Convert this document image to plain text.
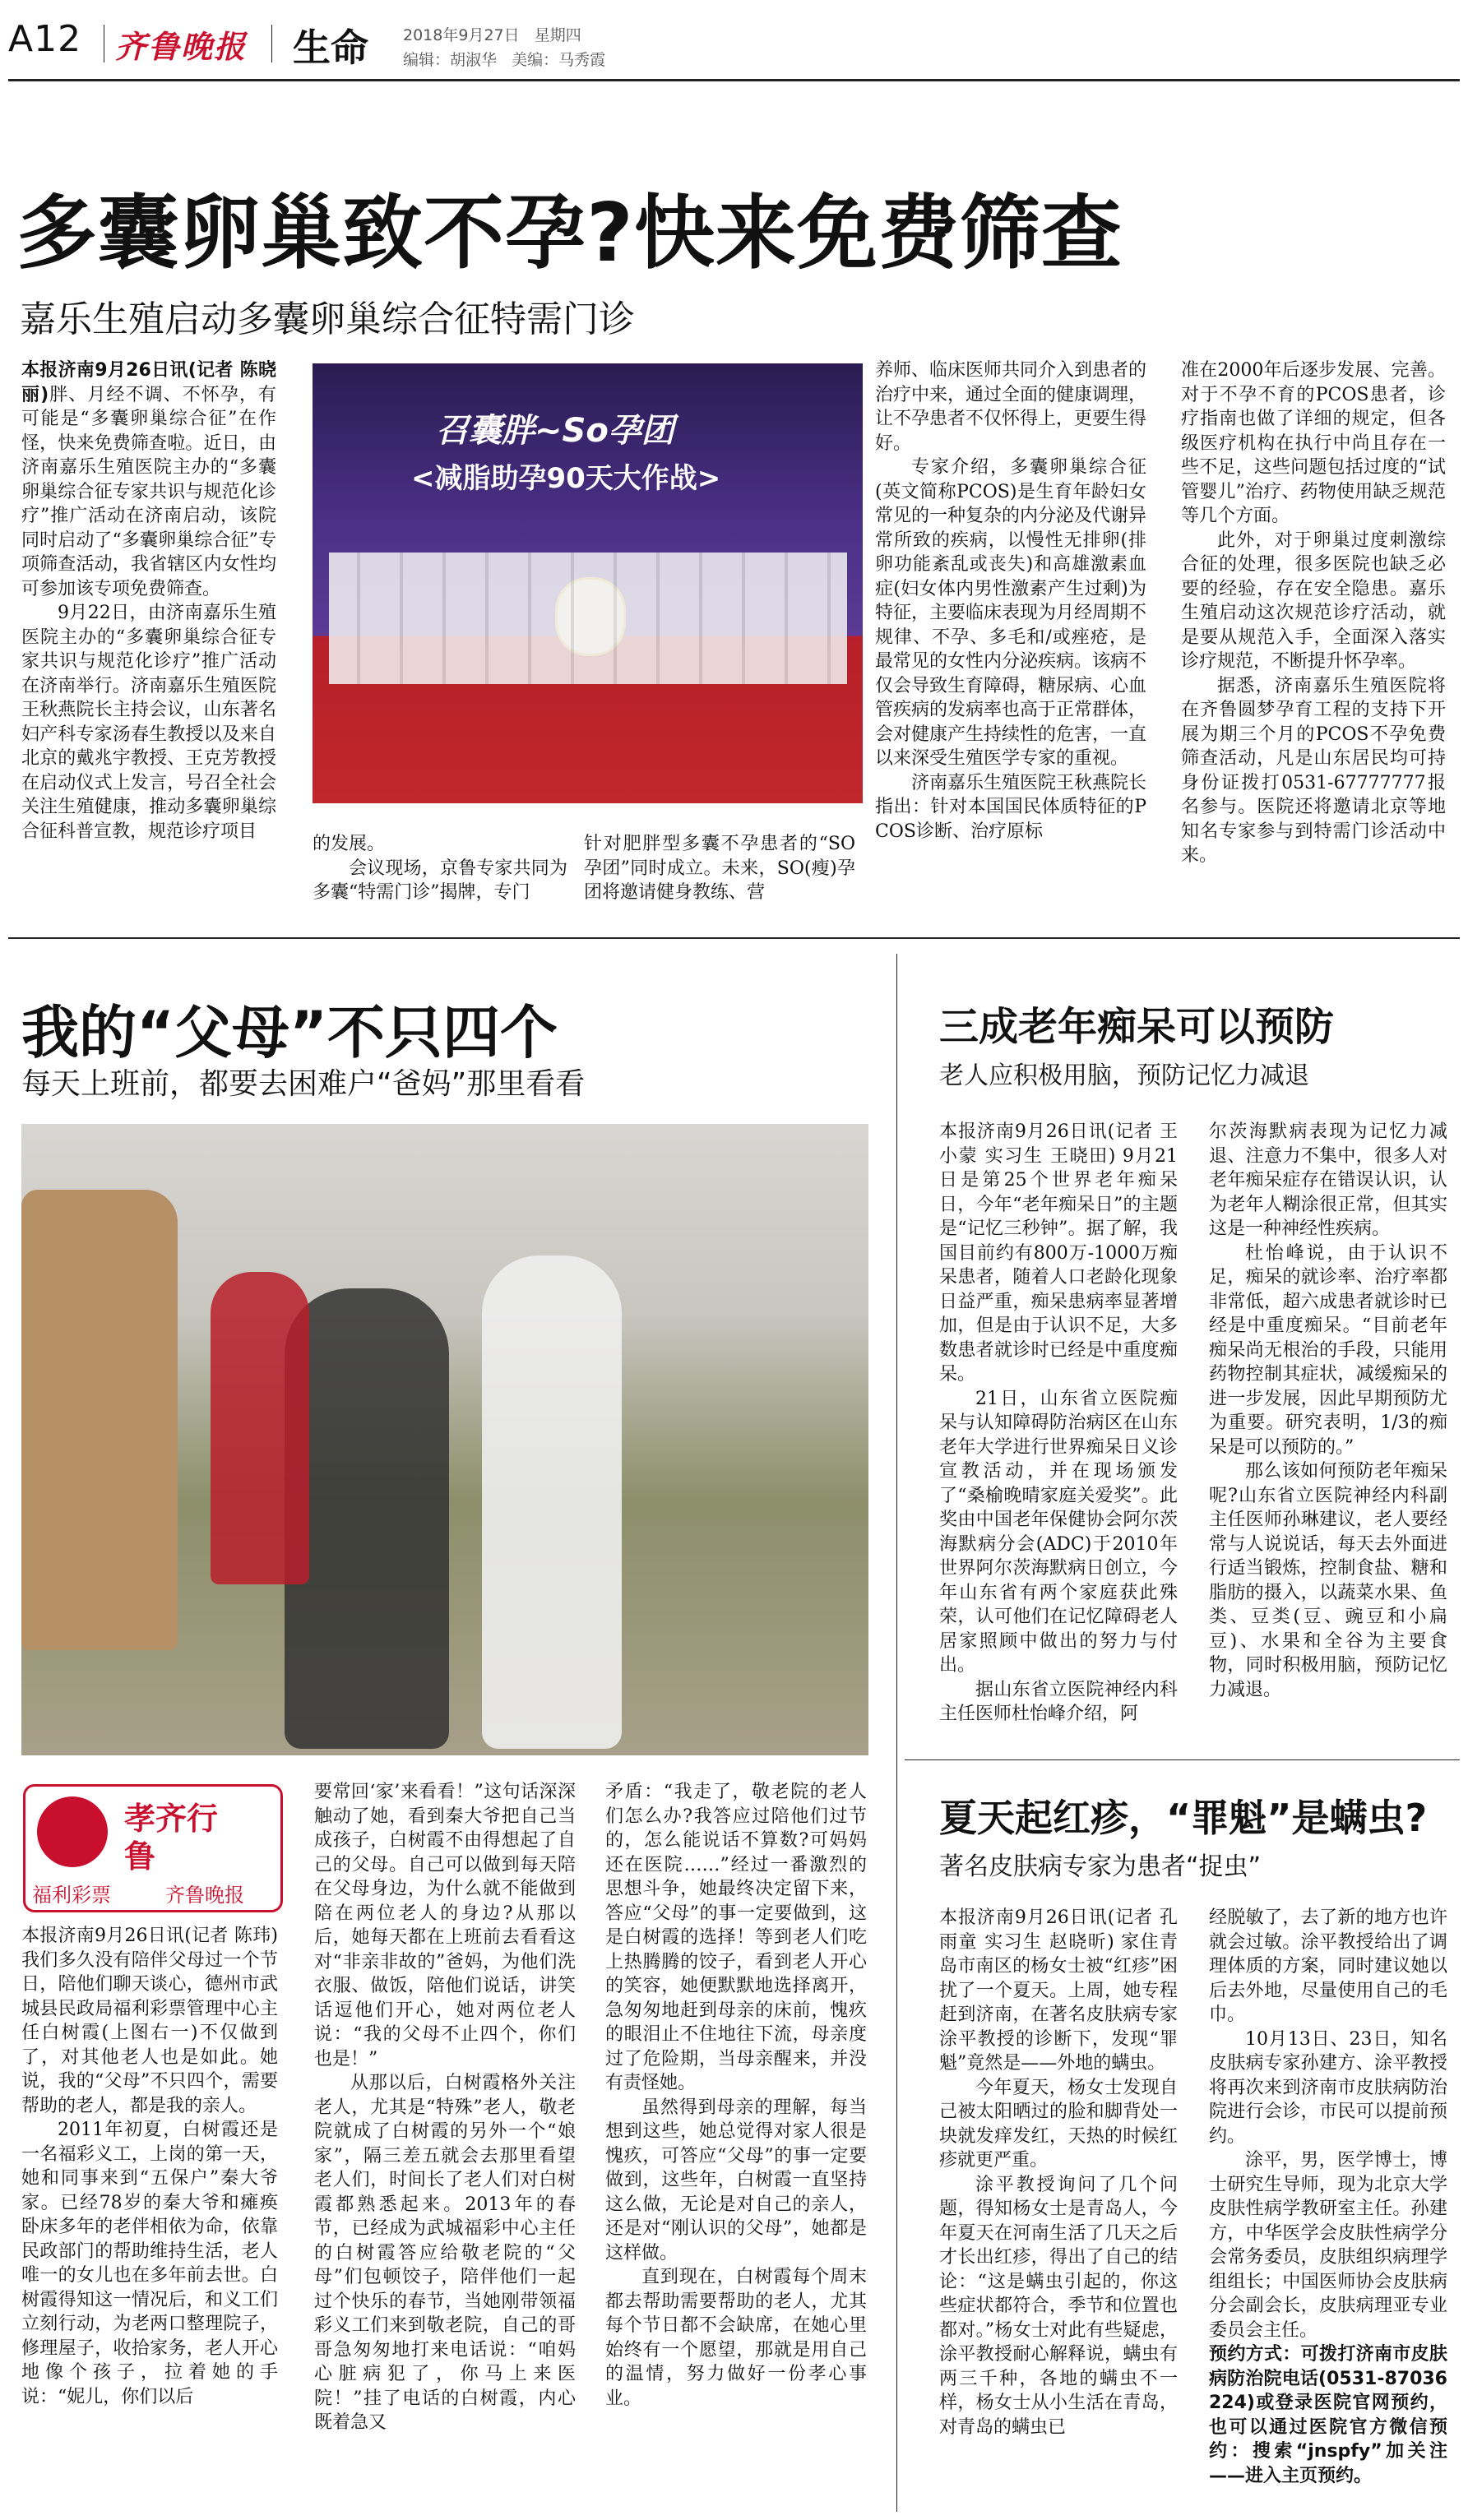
A12 齐鲁晚报 生命 2018年9月27日 星期四
编辑：胡淑华 美编：马秀霞
多囊卵巢致不孕?快来免费筛查
嘉乐生殖启动多囊卵巢综合征特需门诊

本报济南9月26日讯(记者 陈晓丽)胖、月经不调、不怀孕，有可能是“多囊卵巢综合征”在作怪，快来免费筛查啦。近日，由济南嘉乐生殖医院主办的“多囊卵巢综合征专家共识与规范化诊疗”推广活动在济南启动，该院同时启动了“多囊卵巢综合征”专项筛查活动，我省辖区内女性均可参加该专项免费筛查。

9月22日，由济南嘉乐生殖医院主办的“多囊卵巢综合征专家共识与规范化诊疗”推广活动在济南举行。济南嘉乐生殖医院王秋燕院长主持会议，山东著名妇产科专家汤春生教授以及来自北京的戴兆宇教授、王克芳教授在启动仪式上发言，号召全社会关注生殖健康，推动多囊卵巢综合征科普宣教，规范诊疗项目

召囊胖~So孕团
<减脂助孕90天大作战>

的发展。

会议现场，京鲁专家共同为多囊“特需门诊”揭牌，专门

针对肥胖型多囊不孕患者的“SO孕团”同时成立。未来，SO(瘦)孕团将邀请健身教练、营

养师、临床医师共同介入到患者的治疗中来，通过全面的健康调理，让不孕患者不仅怀得上，更要生得好。

专家介绍，多囊卵巢综合征(英文简称PCOS)是生育年龄妇女常见的一种复杂的内分泌及代谢异常所致的疾病，以慢性无排卵(排卵功能紊乱或丧失)和高雄激素血症(妇女体内男性激素产生过剩)为特征，主要临床表现为月经周期不规律、不孕、多毛和/或痤疮，是最常见的女性内分泌疾病。该病不仅会导致生育障碍，糖尿病、心血管疾病的发病率也高于正常群体，会对健康产生持续性的危害，一直以来深受生殖医学专家的重视。

济南嘉乐生殖医院王秋燕院长指出：针对本国国民体质特征的PCOS诊断、治疗原标

准在2000年后逐步发展、完善。对于不孕不育的PCOS患者，诊疗指南也做了详细的规定，但各级医疗机构在执行中尚且存在一些不足，这些问题包括过度的“试管婴儿”治疗、药物使用缺乏规范等几个方面。

此外，对于卵巢过度刺激综合征的处理，很多医院也缺乏必要的经验，存在安全隐患。嘉乐生殖启动这次规范诊疗活动，就是要从规范入手，全面深入落实诊疗规范，不断提升怀孕率。

据悉，济南嘉乐生殖医院将在齐鲁圆梦孕育工程的支持下开展为期三个月的PCOS不孕免费筛查活动，凡是山东居民均可持身份证拨打0531-67777777报名参与。医院还将邀请北京等地知名专家参与到特需门诊活动中来。

我的“父母”不只四个
每天上班前，都要去困难户“爸妈”那里看看
孝齐行鲁
福利彩票	齐鲁晚报

本报济南9月26日讯(记者 陈玮) 我们多久没有陪伴父母过一个节日，陪他们聊天谈心，德州市武城县民政局福利彩票管理中心主任白树霞(上图右一)不仅做到了，对其他老人也是如此。她说，我的“父母”不只四个，需要帮助的老人，都是我的亲人。

2011年初夏，白树霞还是一名福彩义工，上岗的第一天，她和同事来到“五保户”秦大爷家。已经78岁的秦大爷和瘫痪卧床多年的老伴相依为命，依靠民政部门的帮助维持生活，老人唯一的女儿也在多年前去世。白树霞得知这一情况后，和义工们立刻行动，为老两口整理院子，修理屋子，收拾家务，老人开心地像个孩子，拉着她的手说：“妮儿，你们以后

要常回‘家’来看看！”这句话深深触动了她，看到秦大爷把自己当成孩子，白树霞不由得想起了自己的父母。自己可以做到每天陪在父母身边，为什么就不能做到陪在两位老人的身边?从那以后，她每天都在上班前去看看这对“非亲非故的”爸妈，为他们洗衣服、做饭，陪他们说话，讲笑话逗他们开心，她对两位老人说：“我的父母不止四个，你们也是！”

从那以后，白树霞格外关注老人，尤其是“特殊”老人，敬老院就成了白树霞的另外一个“娘家”，隔三差五就会去那里看望老人们，时间长了老人们对白树霞都熟悉起来。2013年的春节，已经成为武城福彩中心主任的白树霞答应给敬老院的“父母”们包顿饺子，陪伴他们一起过个快乐的春节，当她刚带领福彩义工们来到敬老院，自己的哥哥急匆匆地打来电话说：“咱妈心脏病犯了，你马上来医院！”挂了电话的白树霞，内心既着急又

矛盾：“我走了，敬老院的老人们怎么办?我答应过陪他们过节的，怎么能说话不算数?可妈妈还在医院……”经过一番激烈的思想斗争，她最终决定留下来，答应“父母”的事一定要做到，这是白树霞的选择！等到老人们吃上热腾腾的饺子，看到老人开心的笑容，她便默默地选择离开，急匆匆地赶到母亲的床前，愧疚的眼泪止不住地往下流，母亲度过了危险期，当母亲醒来，并没有责怪她。

虽然得到母亲的理解，每当想到这些，她总觉得对家人很是愧疚，可答应“父母”的事一定要做到，这些年，白树霞一直坚持这么做，无论是对自己的亲人，还是对“刚认识的父母”，她都是这样做。

直到现在，白树霞每个周末都去帮助需要帮助的老人，尤其每个节日都不会缺席，在她心里始终有一个愿望，那就是用自己的温情，努力做好一份孝心事业。

三成老年痴呆可以预防
老人应积极用脑，预防记忆力减退

本报济南9月26日讯(记者 王小蒙 实习生 王晓田) 9月21日是第25个世界老年痴呆日，今年“老年痴呆日”的主题是“记忆三秒钟”。据了解，我国目前约有800万-1000万痴呆患者，随着人口老龄化现象日益严重，痴呆患病率显著增加，但是由于认识不足，大多数患者就诊时已经是中重度痴呆。

21日，山东省立医院痴呆与认知障碍防治病区在山东老年大学进行世界痴呆日义诊宣教活动，并在现场颁发了“桑榆晚晴家庭关爱奖”。此奖由中国老年保健协会阿尔茨海默病分会(ADC)于2010年世界阿尔茨海默病日创立，今年山东省有两个家庭获此殊荣，认可他们在记忆障碍老人居家照顾中做出的努力与付出。

据山东省立医院神经内科主任医师杜怡峰介绍，阿

尔茨海默病表现为记忆力减退、注意力不集中，很多人对老年痴呆症存在错误认识，认为老年人糊涂很正常，但其实这是一种神经性疾病。

杜怡峰说，由于认识不足，痴呆的就诊率、治疗率都非常低，超六成患者就诊时已经是中重度痴呆。“目前老年痴呆尚无根治的手段，只能用药物控制其症状，减缓痴呆的进一步发展，因此早期预防尤为重要。研究表明，1/3的痴呆是可以预防的。”

那么该如何预防老年痴呆呢?山东省立医院神经内科副主任医师孙琳建议，老人要经常与人说说话，每天去外面进行适当锻炼，控制食盐、糖和脂肪的摄入，以蔬菜水果、鱼类、豆类(豆、豌豆和小扁豆)、水果和全谷为主要食物，同时积极用脑，预防记忆力减退。

夏天起红疹，“罪魁”是螨虫?
著名皮肤病专家为患者“捉虫”

本报济南9月26日讯(记者 孔雨童 实习生 赵晓昕) 家住青岛市南区的杨女士被“红疹”困扰了一个夏天。上周，她专程赶到济南，在著名皮肤病专家涂平教授的诊断下，发现“罪魁”竟然是——外地的螨虫。

今年夏天，杨女士发现自己被太阳晒过的脸和脚背处一块就发痒发红，天热的时候红疹就更严重。

涂平教授询问了几个问题，得知杨女士是青岛人，今年夏天在河南生活了几天之后才长出红疹，得出了自己的结论：“这是螨虫引起的，你这些症状都符合，季节和位置也都对。”杨女士对此有些疑虑，涂平教授耐心解释说，螨虫有两三千种，各地的螨虫不一样，杨女士从小生活在青岛，对青岛的螨虫已

经脱敏了，去了新的地方也许就会过敏。涂平教授给出了调理体质的方案，同时建议她以后去外地，尽量使用自己的毛巾。

10月13日、23日，知名皮肤病专家孙建方、涂平教授将再次来到济南市皮肤病防治院进行会诊，市民可以提前预约。

涂平，男，医学博士，博士研究生导师，现为北京大学皮肤性病学教研室主任。孙建方，中华医学会皮肤性病学分会常务委员，皮肤组织病理学组组长；中国医师协会皮肤病分会副会长，皮肤病理亚专业委员会主任。

预约方式：可拨打济南市皮肤病防治院电话(0531-87036224)或登录医院官网预约，也可以通过医院官方微信预约：搜索“jnspfy”加关注——进入主页预约。
